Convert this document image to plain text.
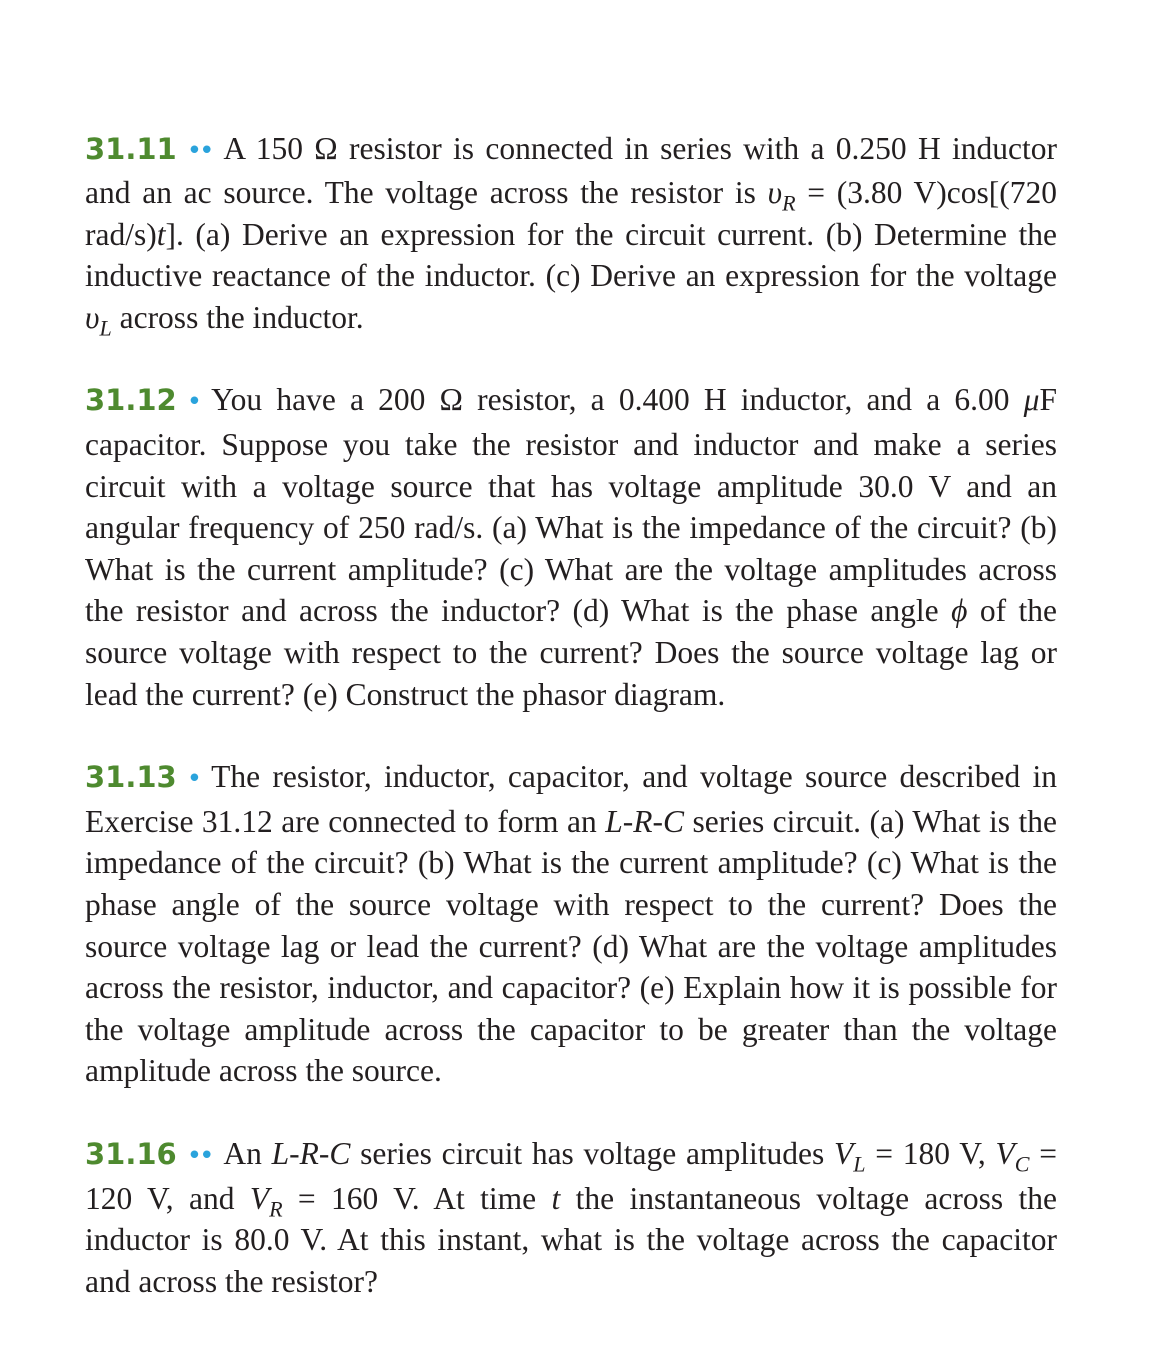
31.11 •• A 150 Ω resistor is connected in series with a 0.250 H inductor and an ac source. The voltage across the resistor is $\upsilon_R = (3.80$ V)cos[(720 rad/s)t]. (a) Derive an expression for the circuit current. (b) Determine the inductive reactance of the inductor. (c) Derive an expression for the voltage $\upsilon_L$ across the inductor.

31.12 • You have a 200 Ω resistor, a 0.400 H inductor, and a 6.00 μF capacitor. Suppose you take the resistor and inductor and make a series circuit with a voltage source that has voltage amplitude 30.0 V and an angular frequency of 250 rad/s. (a) What is the impedance of the circuit? (b) What is the current amplitude? (c) What are the voltage amplitudes across the resistor and across the inductor? (d) What is the phase angle ϕ of the source voltage with respect to the current? Does the source voltage lag or lead the current? (e) Construct the phasor diagram.

31.13 • The resistor, inductor, capacitor, and voltage source described in Exercise 31.12 are connected to form an L-R-C series circuit. (a) What is the impedance of the circuit? (b) What is the current amplitude? (c) What is the phase angle of the source voltage with respect to the current? Does the source voltage lag or lead the current? (d) What are the voltage amplitudes across the resistor, inductor, and capacitor? (e) Explain how it is possible for the voltage amplitude across the capacitor to be greater than the voltage amplitude across the source.

31.16 •• An L-R-C series circuit has voltage amplitudes $V_L = 180$ V, $V_C = 120$ V, and $V_R = 160$ V. At time t the instantaneous voltage across the inductor is 80.0 V. At this instant, what is the voltage across the capacitor and across the resistor?
